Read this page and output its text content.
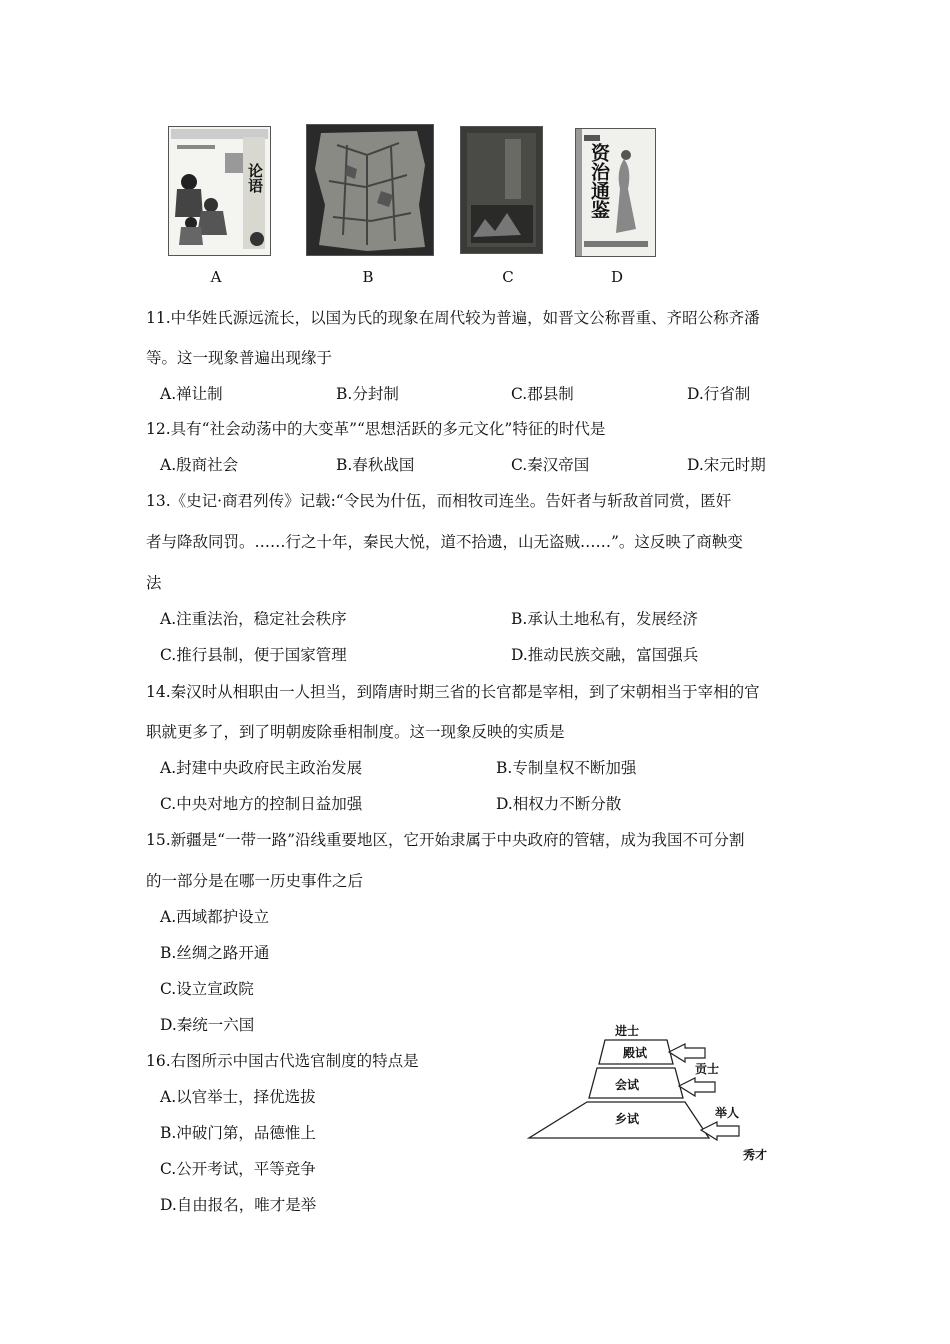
论语
A	B	C
资治通鉴
D
11.中华姓氏源远流长，以国为氏的现象在周代较为普遍，如晋文公称晋重、齐昭公称齐潘
等。这一现象普遍出现缘于
A.禅让制	B.分封制	C.郡县制	D.行省制
12.具有“社会动荡中的大变革”“思想活跃的多元文化”特征的时代是
A.殷商社会	B.春秋战国	C.秦汉帝国	D.宋元时期
13.《史记·商君列传》记载:“令民为什伍，而相牧司连坐。告奸者与斩敌首同赏，匿奸
者与降敌同罚。……行之十年，秦民大悦，道不拾遗，山无盗贼……”。这反映了商鞅变
法
A.注重法治，稳定社会秩序	B.承认土地私有，发展经济
C.推行县制，便于国家管理	D.推动民族交融，富国强兵
14.秦汉时从相职由一人担当，到隋唐时期三省的长官都是宰相，到了宋朝相当于宰相的官
职就更多了，到了明朝废除垂相制度。这一现象反映的实质是
A.封建中央政府民主政治发展	B.专制皇权不断加强
C.中央对地方的控制日益加强	D.相权力不断分散
15.新疆是“一带一路”沿线重要地区，它开始隶属于中央政府的管辖，成为我国不可分割
的一部分是在哪一历史事件之后
A.西域都护设立
B.丝绸之路开通
C.设立宣政院
D.秦统一六国
16.右图所示中国古代选官制度的特点是
A.以官举士，择优选拔
B.冲破门第，品德惟上
C.公开考试，平等竞争
D.自由报名，唯才是举
进士
殿试
会试
乡试
贡士
举人
秀才
